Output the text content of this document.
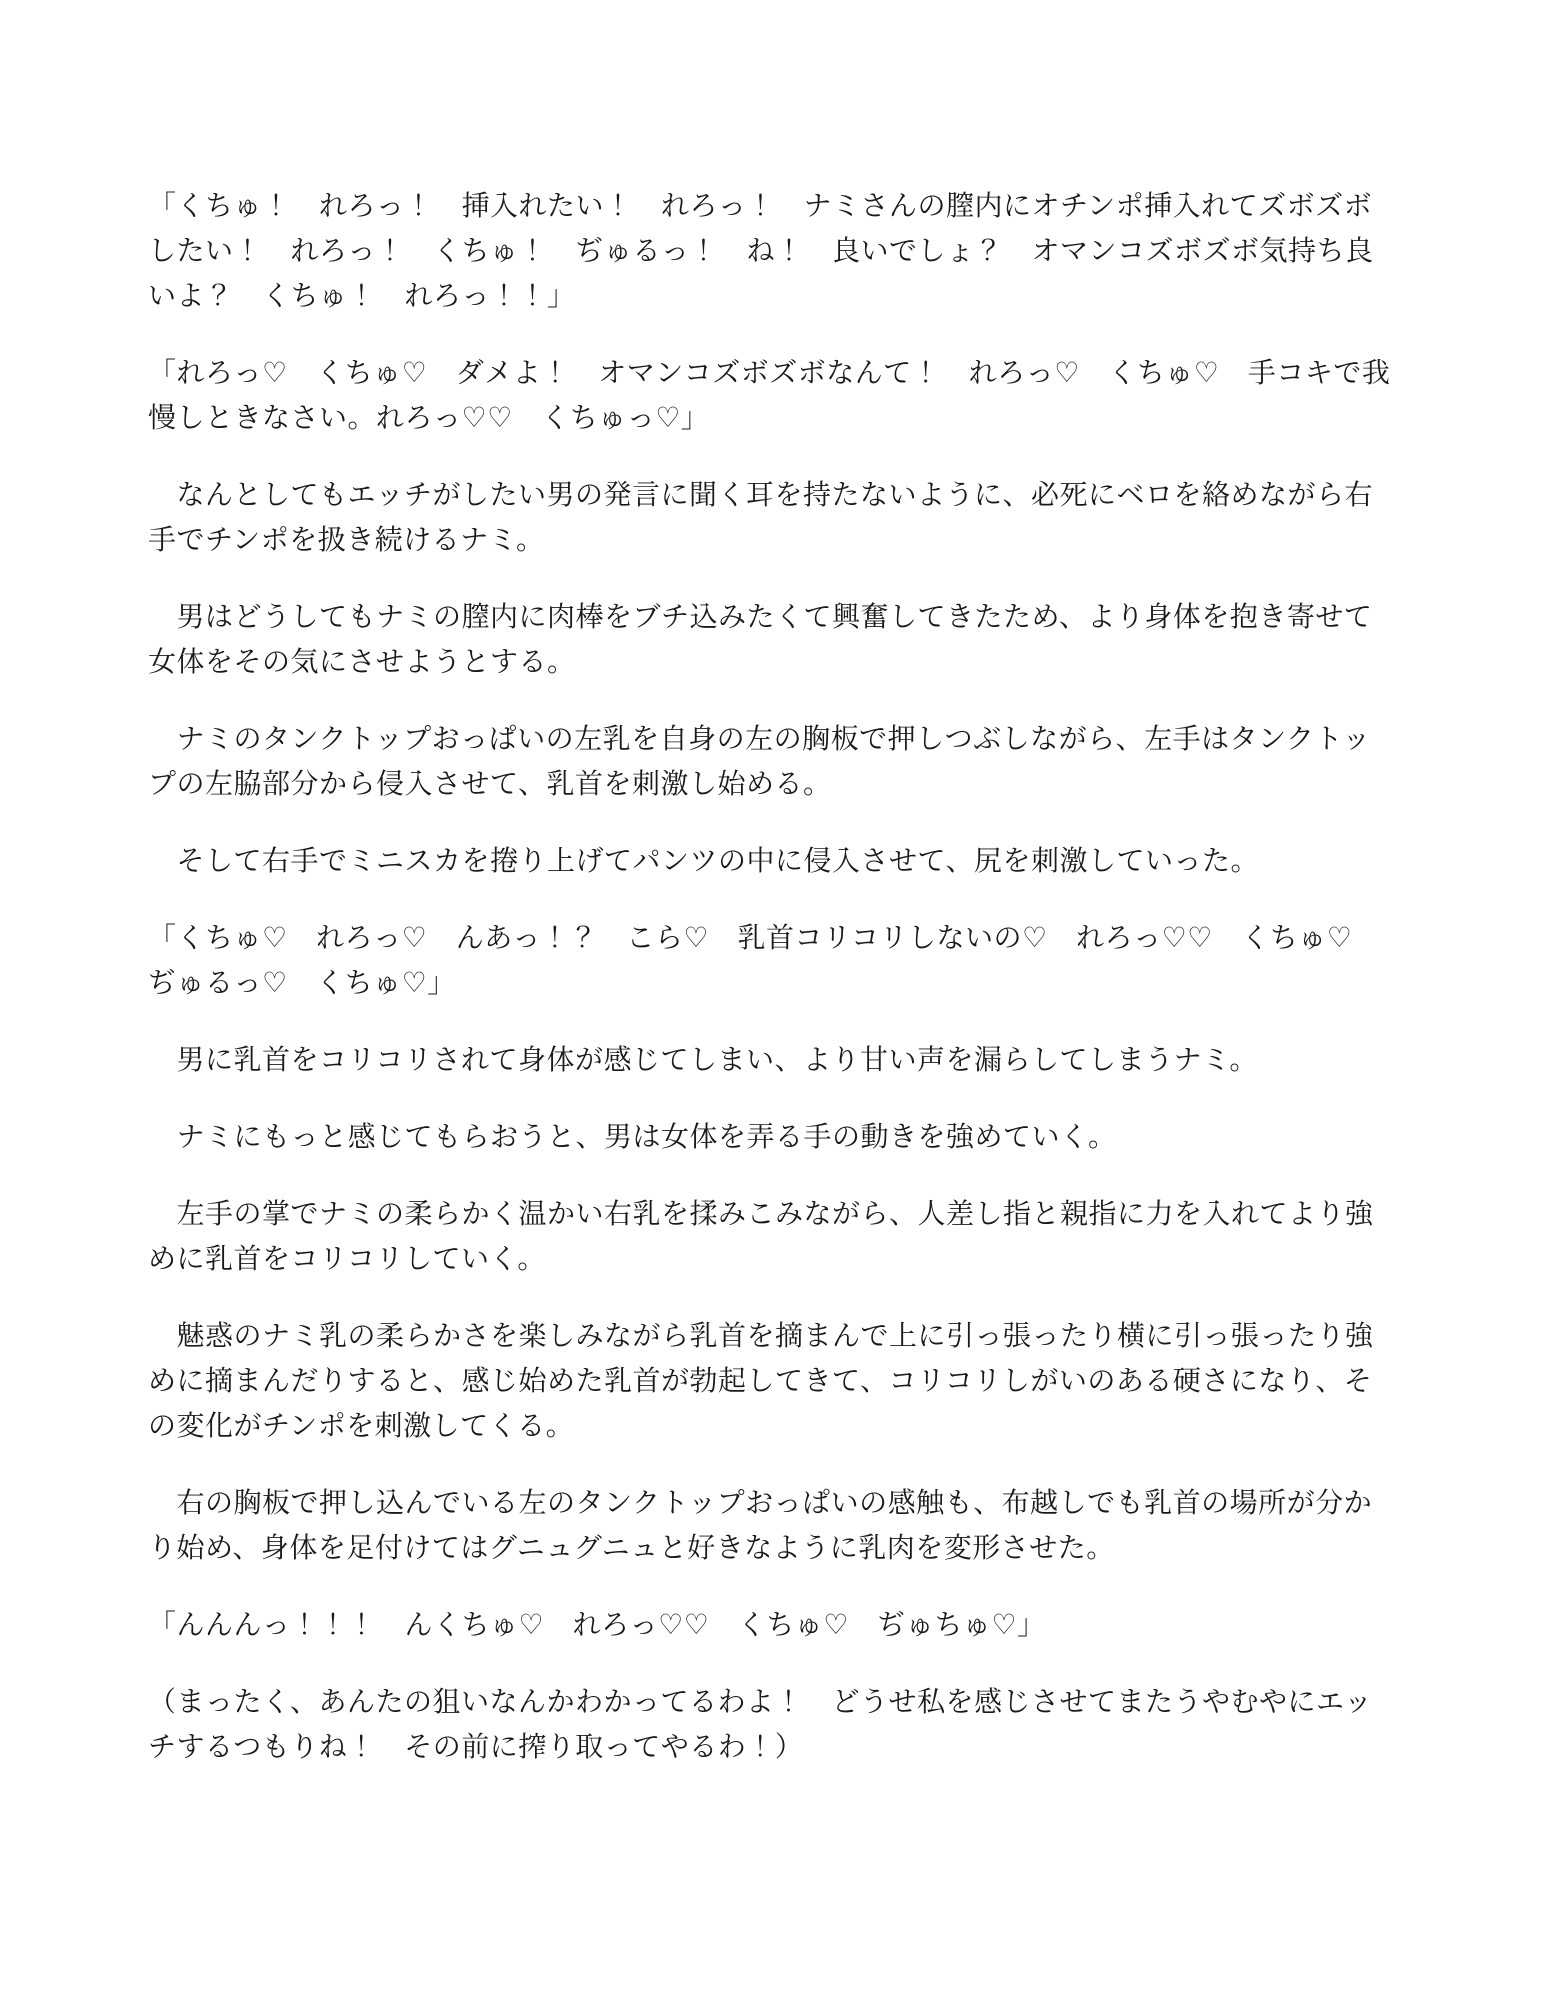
「くちゅ！　れろっ！　挿入れたい！　れろっ！　ナミさんの膣内にオチンポ挿入れてズボズボしたい！　れろっ！　くちゅ！　ぢゅるっ！　ね！　良いでしょ？　オマンコズボズボ気持ち良いよ？　くちゅ！　れろっ！！」

「れろっ♡　くちゅ♡　ダメよ！　オマンコズボズボなんて！　れろっ♡　くちゅ♡　手コキで我慢しときなさい。れろっ♡♡　くちゅっ♡」

　なんとしてもエッチがしたい男の発言に聞く耳を持たないように、必死にベロを絡めながら右手でチンポを扱き続けるナミ。

　男はどうしてもナミの膣内に肉棒をブチ込みたくて興奮してきたため、より身体を抱き寄せて女体をその気にさせようとする。

　ナミのタンクトップおっぱいの左乳を自身の左の胸板で押しつぶしながら、左手はタンクトップの左脇部分から侵入させて、乳首を刺激し始める。

　そして右手でミニスカを捲り上げてパンツの中に侵入させて、尻を刺激していった。

「くちゅ♡　れろっ♡　んあっ！？　こら♡　乳首コリコリしないの♡　れろっ♡♡　くちゅ♡　ぢゅるっ♡　くちゅ♡」

　男に乳首をコリコリされて身体が感じてしまい、より甘い声を漏らしてしまうナミ。

　ナミにもっと感じてもらおうと、男は女体を弄る手の動きを強めていく。

　左手の掌でナミの柔らかく温かい右乳を揉みこみながら、人差し指と親指に力を入れてより強めに乳首をコリコリしていく。

　魅惑のナミ乳の柔らかさを楽しみながら乳首を摘まんで上に引っ張ったり横に引っ張ったり強めに摘まんだりすると、感じ始めた乳首が勃起してきて、コリコリしがいのある硬さになり、その変化がチンポを刺激してくる。

　右の胸板で押し込んでいる左のタンクトップおっぱいの感触も、布越しでも乳首の場所が分かり始め、身体を足付けてはグニュグニュと好きなように乳肉を変形させた。

「んんんっ！！！　んくちゅ♡　れろっ♡♡　くちゅ♡　ぢゅちゅ♡」

（まったく、あんたの狙いなんかわかってるわよ！　どうせ私を感じさせてまたうやむやにエッチするつもりね！　その前に搾り取ってやるわ！）
